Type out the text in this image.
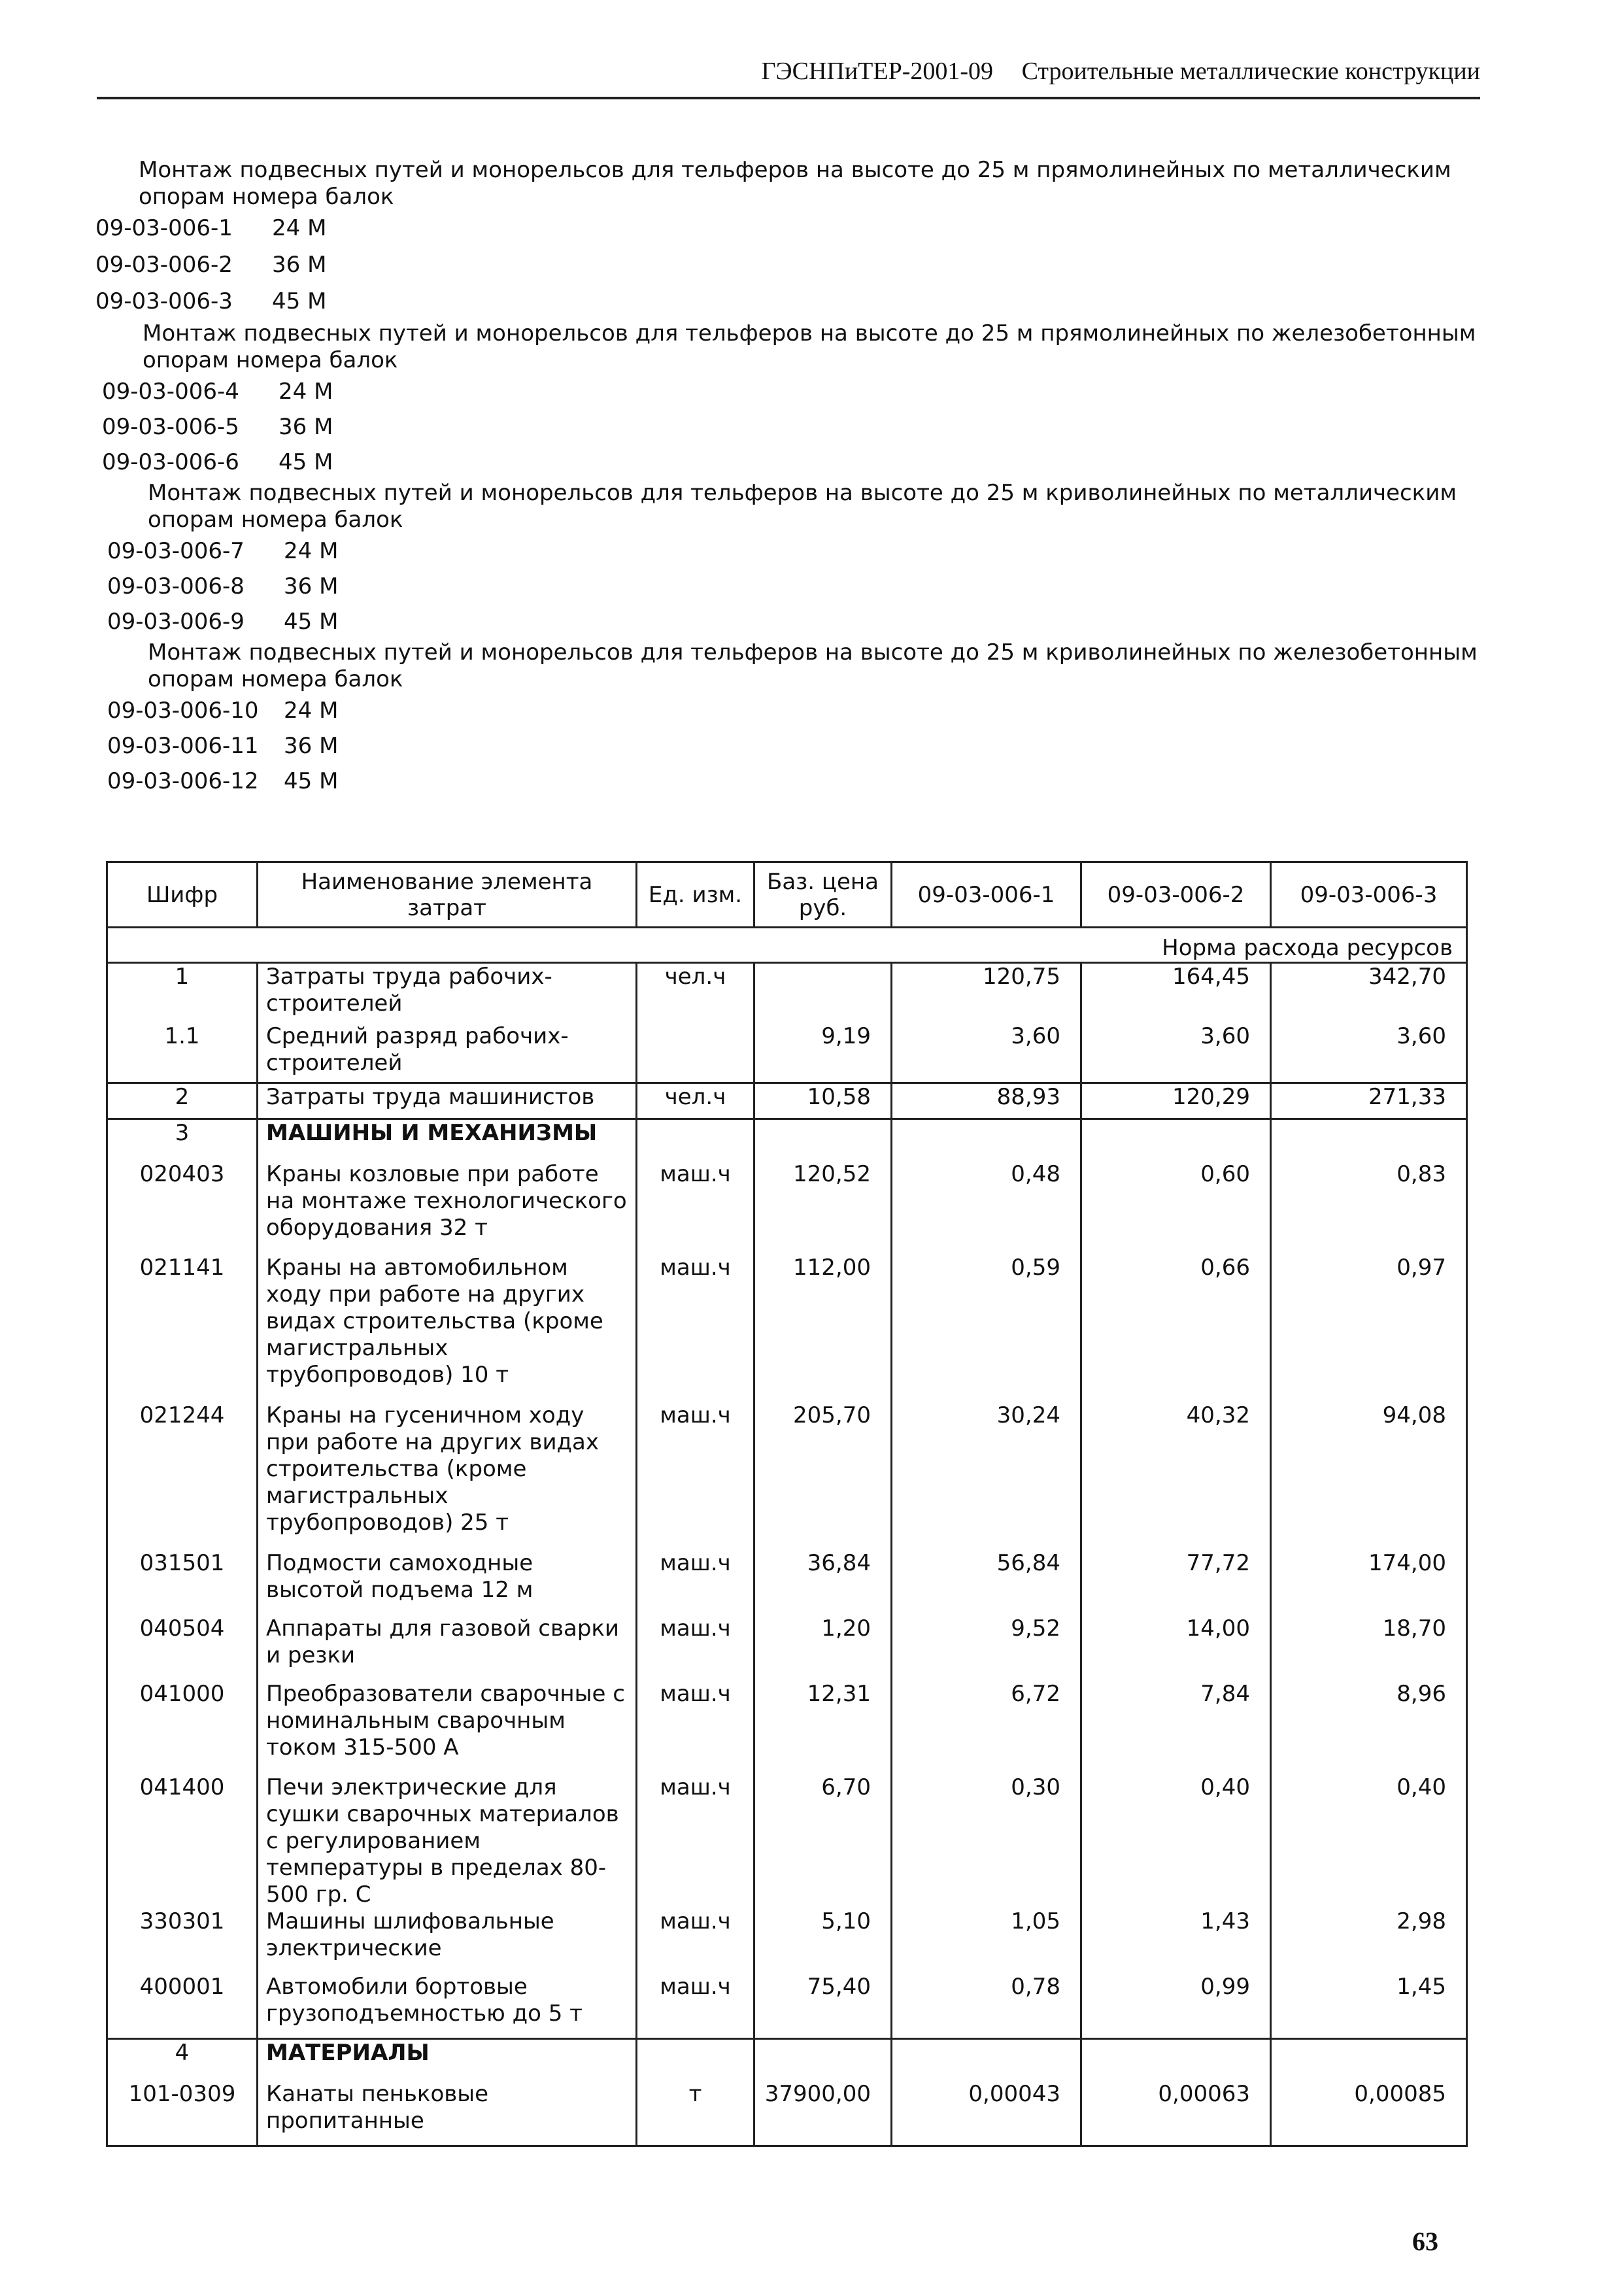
ГЭСНПиТЕР-2001-09 Строительные металлические конструкции

Монтаж подвесных путей и монорельсов для тельферов на высоте до 25 м прямолинейных по металлическим опорам номера балок

09-03-006-1	24 М
09-03-006-2	36 М
09-03-006-3	45 М

Монтаж подвесных путей и монорельсов для тельферов на высоте до 25 м прямолинейных по железобетонным опорам номера балок

09-03-006-4	24 М
09-03-006-5	36 М
09-03-006-6	45 М

Монтаж подвесных путей и монорельсов для тельферов на высоте до 25 м криволинейных по металлическим опорам номера балок

09-03-006-7	24 М
09-03-006-8	36 М
09-03-006-9	45 М

Монтаж подвесных путей и монорельсов для тельферов на высоте до 25 м криволинейных по железобетонным опорам номера балок

09-03-006-10	24 М
09-03-006-11	36 М
09-03-006-12	45 М
Шифр	Наименование элемента затрат	Ед. изм.	Баз. цена руб.	09-03-006-1	09-03-006-2	09-03-006-3
Норма расхода ресурсов						
1	Затраты труда рабочих-строителей	чел.ч		120,75	164,45	342,70
1.1	Средний разряд рабочих-строителей		9,19	3,60	3,60	3,60
2	Затраты труда машинистов	чел.ч	10,58	88,93	120,29	271,33
3	МАШИНЫ И МЕХАНИЗМЫ					
020403	Краны козловые при работе на монтаже технологического оборудования 32 т	маш.ч	120,52	0,48	0,60	0,83
021141	Краны на автомобильном ходу при работе на других видах строительства (кроме магистральных трубопроводов) 10 т	маш.ч	112,00	0,59	0,66	0,97
021244	Краны на гусеничном ходу при работе на других видах строительства (кроме магистральных трубопроводов) 25 т	маш.ч	205,70	30,24	40,32	94,08
031501	Подмости самоходные высотой подъема 12 м	маш.ч	36,84	56,84	77,72	174,00
040504	Аппараты для газовой сварки и резки	маш.ч	1,20	9,52	14,00	18,70
041000	Преобразователи сварочные с номинальным сварочным током 315-500 А	маш.ч	12,31	6,72	7,84	8,96
041400	Печи электрические для сушки сварочных материалов с регулированием температуры в пределах 80-500 гр. С	маш.ч	6,70	0,30	0,40	0,40
330301	Машины шлифовальные электрические	маш.ч	5,10	1,05	1,43	2,98
400001	Автомобили бортовые грузоподъемностью до 5 т	маш.ч	75,40	0,78	0,99	1,45
4	МАТЕРИАЛЫ					
101-0309	Канаты пеньковые пропитанные	т	37900,00	0,00043	0,00063	0,00085
63
